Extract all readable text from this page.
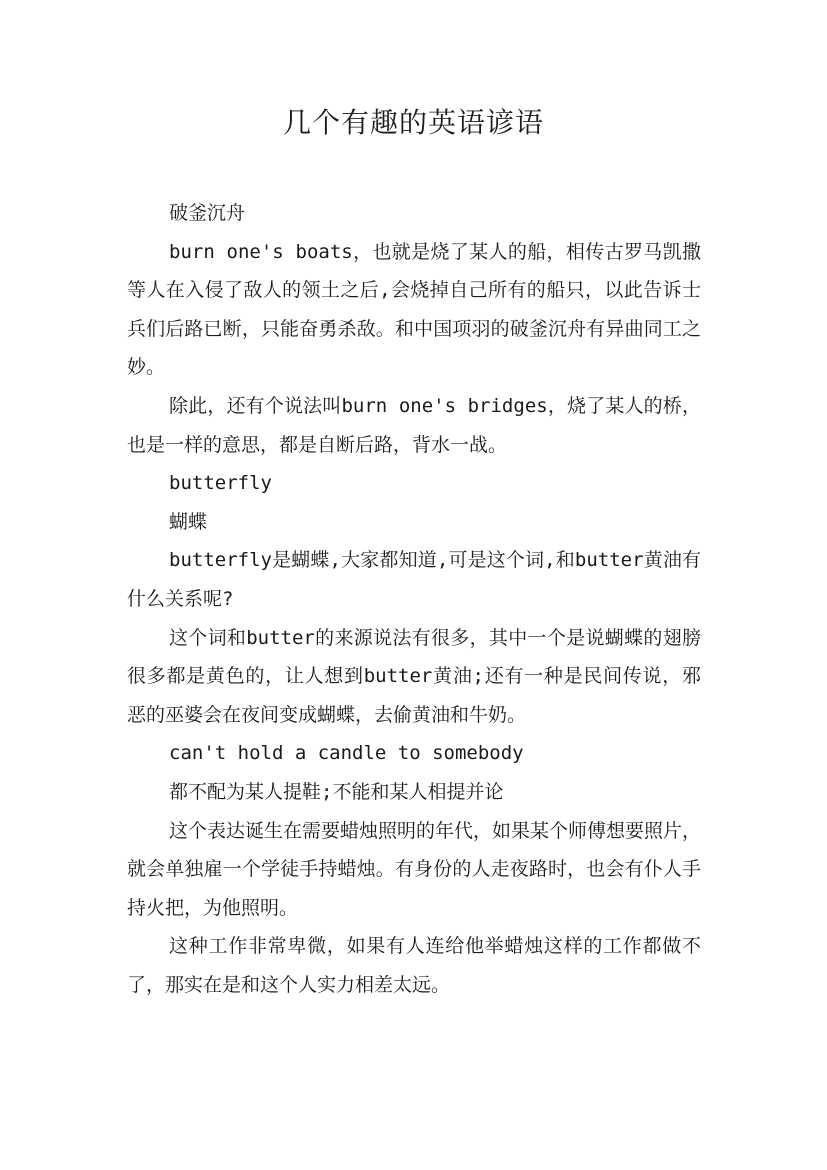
几个有趣的英语谚语

破釜沉舟

burn one's boats，也就是烧了某人的船，相传古罗马凯撒等人在入侵了敌人的领土之后,会烧掉自己所有的船只，以此告诉士兵们后路已断，只能奋勇杀敌。和中国项羽的破釜沉舟有异曲同工之妙。

除此，还有个说法叫burn one's bridges，烧了某人的桥，也是一样的意思，都是自断后路，背水一战。

butterfly

蝴蝶

butterfly是蝴蝶,大家都知道,可是这个词,和butter黄油有什么关系呢?

这个词和butter的来源说法有很多，其中一个是说蝴蝶的翅膀很多都是黄色的，让人想到butter黄油;还有一种是民间传说，邪恶的巫婆会在夜间变成蝴蝶，去偷黄油和牛奶。

can't hold a candle to somebody

都不配为某人提鞋;不能和某人相提并论

这个表达诞生在需要蜡烛照明的年代，如果某个师傅想要照片，就会单独雇一个学徒手持蜡烛。有身份的人走夜路时，也会有仆人手持火把，为他照明。

这种工作非常卑微，如果有人连给他举蜡烛这样的工作都做不了，那实在是和这个人实力相差太远。
